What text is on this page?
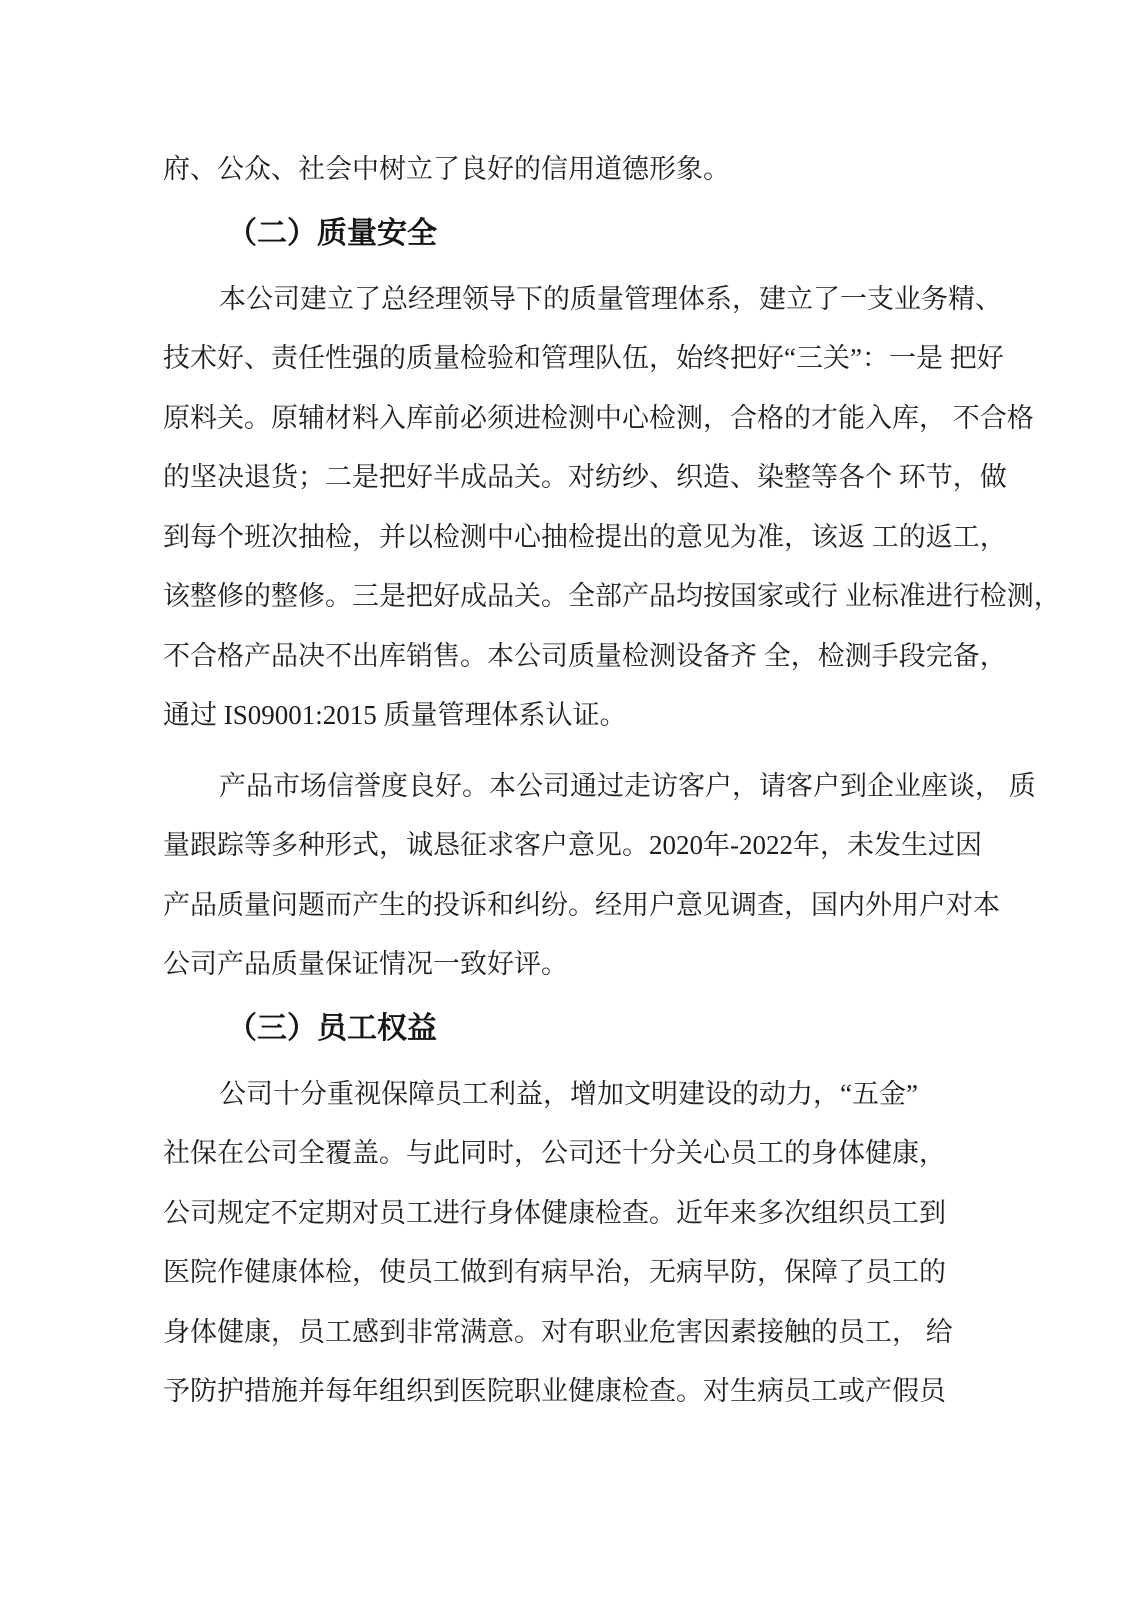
府、公众、社会中树立了良好的信用道德形象。
（二）质量安全
本公司建立了总经理领导下的质量管理体系，建立了一支业务精、
技术好、责任性强的质量检验和管理队伍，始终把好“三关”：一是 把好
原料关。原辅材料入库前必须进检测中心检测，合格的才能入库， 不合格
的坚决退货；二是把好半成品关。对纺纱、织造、染整等各个 环节，做
到每个班次抽检，并以检测中心抽检提出的意见为准，该返 工的返工，
该整修的整修。三是把好成品关。全部产品均按国家或行 业标准进行检测，
不合格产品决不出库销售。本公司质量检测设备齐 全，检测手段完备，
通过 IS09001:2015 质量管理体系认证。
产品市场信誉度良好。本公司通过走访客户，请客户到企业座谈， 质
量跟踪等多种形式，诚恳征求客户意见。2020年-2022年，未发生过因
产品质量问题而产生的投诉和纠纷。经用户意见调查，国内外用户对本
公司产品质量保证情况一致好评。
（三）员工权益
公司十分重视保障员工利益，增加文明建设的动力，“五金”
社保在公司全覆盖。与此同时，公司还十分关心员工的身体健康，
公司规定不定期对员工进行身体健康检查。近年来多次组织员工到
医院作健康体检，使员工做到有病早治，无病早防，保障了员工的
身体健康，员工感到非常满意。对有职业危害因素接触的员工， 给
予防护措施并每年组织到医院职业健康检查。对生病员工或产假员
